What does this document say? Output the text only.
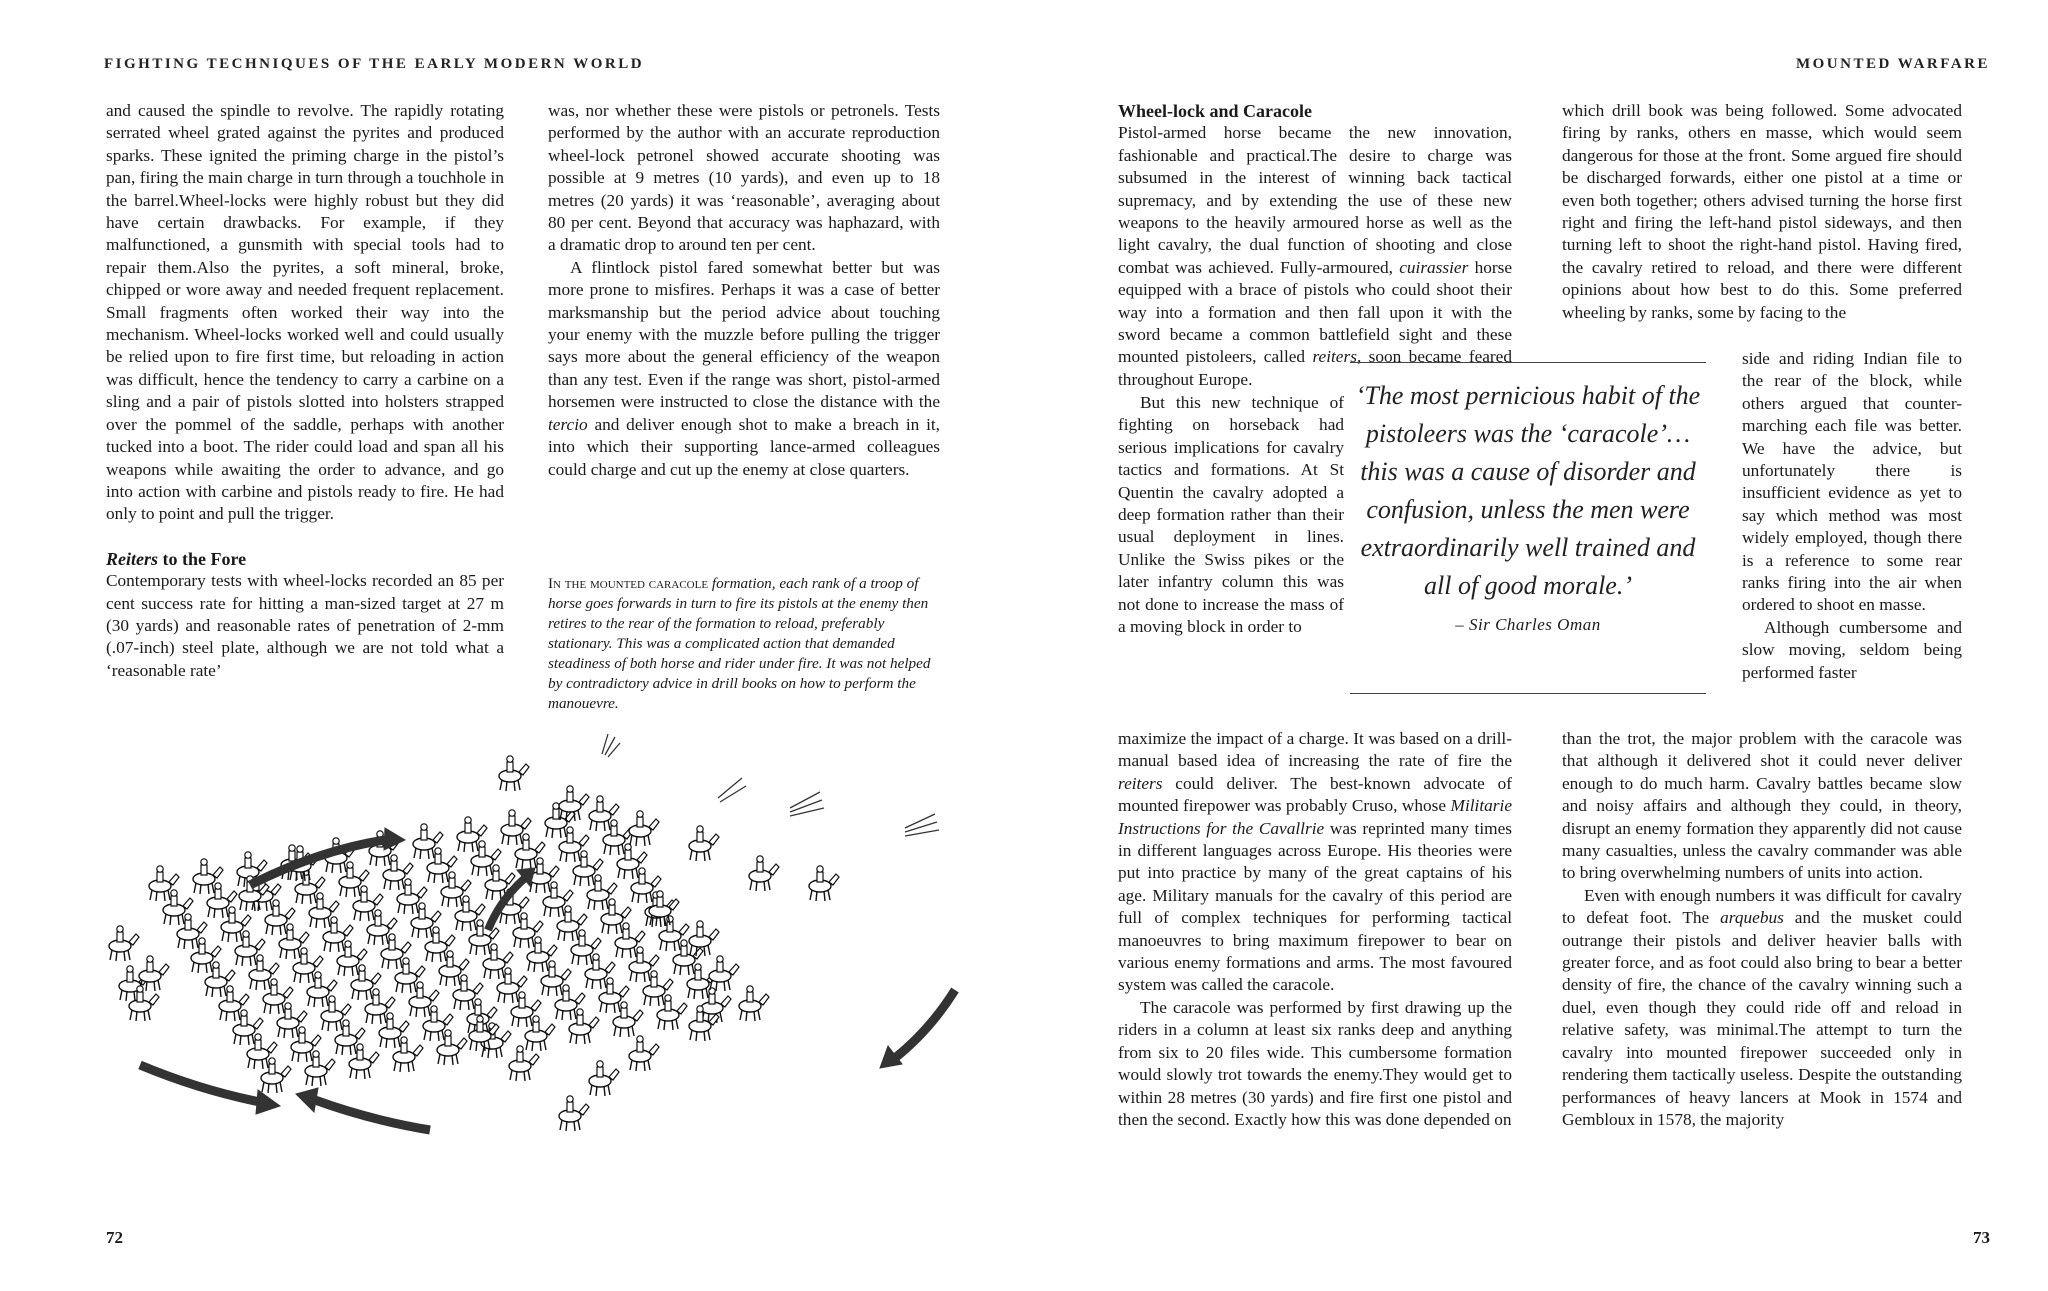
FIGHTING TECHNIQUES OF THE EARLY MODERN WORLD

and caused the spindle to revolve. The rapidly rotating serrated wheel grated against the pyrites and produced sparks. These ignited the priming charge in the pistol’s pan, firing the main charge in turn through a touchhole in the barrel.Wheel-locks were highly robust but they did have certain drawbacks. For example, if they malfunctioned, a gunsmith with special tools had to repair them.Also the pyrites, a soft mineral, broke, chipped or wore away and needed frequent replacement. Small fragments often worked their way into the mechanism. Wheel-locks worked well and could usually be relied upon to fire first time, but reloading in action was difficult, hence the tendency to carry a carbine on a sling and a pair of pistols slotted into holsters strapped over the pommel of the saddle, perhaps with another tucked into a boot. The rider could load and span all his weapons while awaiting the order to advance, and go into action with carbine and pistols ready to fire. He had only to point and pull the trigger.

Reiters to the Fore

Contemporary tests with wheel-locks recorded an 85 per cent success rate for hitting a man-sized target at 27 m (30 yards) and reasonable rates of penetration of 2-mm (.07-inch) steel plate, although we are not told what a ‘reasonable rate’

was, nor whether these were pistols or petronels. Tests performed by the author with an accurate reproduction wheel-lock petronel showed accurate shooting was possible at 9 metres (10 yards), and even up to 18 metres (20 yards) it was ‘reasonable’, averaging about 80 per cent. Beyond that accuracy was haphazard, with a dramatic drop to around ten per cent.

A flintlock pistol fared somewhat better but was more prone to misfires. Perhaps it was a case of better marksmanship but the period advice about touching your enemy with the muzzle before pulling the trigger says more about the general efficiency of the weapon than any test. Even if the range was short, pistol-armed horsemen were instructed to close the distance with the tercio and deliver enough shot to make a breach in it, into which their supporting lance-armed colleagues could charge and cut up the enemy at close quarters.

In the mounted caracole formation, each rank of a troop of horse goes forwards in turn to fire its pistols at the enemy then retires to the rear of the formation to reload, preferably stationary. This was a complicated action that demanded steadiness of both horse and rider under fire. It was not helped by contradictory advice in drill books on how to perform the manouevre.
72
MOUNTED WARFARE
Wheel-lock and Caracole

Pistol-armed horse became the new innovation, fashionable and practical.The desire to charge was subsumed in the interest of winning back tactical supremacy, and by extending the use of these new weapons to the heavily armoured horse as well as the light cavalry, the dual function of shooting and close combat was achieved. Fully-armoured, cuirassier horse equipped with a brace of pistols who could shoot their way into a formation and then fall upon it with the sword became a common battlefield sight and these mounted pistoleers, called reiters, soon became feared throughout Europe.

But this new technique of fighting on horseback had serious implications for cavalry tactics and formations. At St Quentin the cavalry adopted a deep formation rather than their usual deployment in lines. Unlike the Swiss pikes or the later infantry column this was not done to increase the mass of a moving block in order to

maximize the impact of a charge. It was based on a drill-manual based idea of increasing the rate of fire the reiters could deliver. The best-known advocate of mounted firepower was probably Cruso, whose Militarie Instructions for the Cavallrie was reprinted many times in different languages across Europe. His theories were put into practice by many of the great captains of his age. Military manuals for the cavalry of this period are full of complex techniques for performing tactical manoeuvres to bring maximum firepower to bear on various enemy formations and arms. The most favoured system was called the caracole.

The caracole was performed by first drawing up the riders in a column at least six ranks deep and anything from six to 20 files wide. This cumbersome formation would slowly trot towards the enemy.They would get to within 28 metres (30 yards) and fire first one pistol and then the second. Exactly how this was done depended on

which drill book was being followed. Some advocated firing by ranks, others en masse, which would seem dangerous for those at the front. Some argued fire should be discharged forwards, either one pistol at a time or even both together; others advised turning the horse first right and firing the left-hand pistol sideways, and then turning left to shoot the right-hand pistol. Having fired, the cavalry retired to reload, and there were different opinions about how best to do this. Some preferred wheeling by ranks, some by facing to the

side and riding Indian file to the rear of the block, while others argued that counter-marching each file was better. We have the advice, but unfortunately there is insufficient evidence as yet to say which method was most widely employed, though there is a reference to some rear ranks firing into the air when ordered to shoot en masse.

Although cumbersome and slow moving, seldom being performed faster

than the trot, the major problem with the caracole was that although it delivered shot it could never deliver enough to do much harm. Cavalry battles became slow and noisy affairs and although they could, in theory, disrupt an enemy formation they apparently did not cause many casualties, unless the cavalry commander was able to bring overwhelming numbers of units into action.

Even with enough numbers it was difficult for cavalry to defeat foot. The arquebus and the musket could outrange their pistols and deliver heavier balls with greater force, and as foot could also bring to bear a better density of fire, the chance of the cavalry winning such a duel, even though they could ride off and reload in relative safety, was minimal.The attempt to turn the cavalry into mounted firepower succeeded only in rendering them tactically useless. Despite the outstanding performances of heavy lancers at Mook in 1574 and Gembloux in 1578, the majority

73
‘The most pernicious habit of the pistoleers was the ‘caracole’…this was a cause of disorder and confusion, unless the men were extraordinarily well trained and all of good morale.’
– Sir Charles Oman
